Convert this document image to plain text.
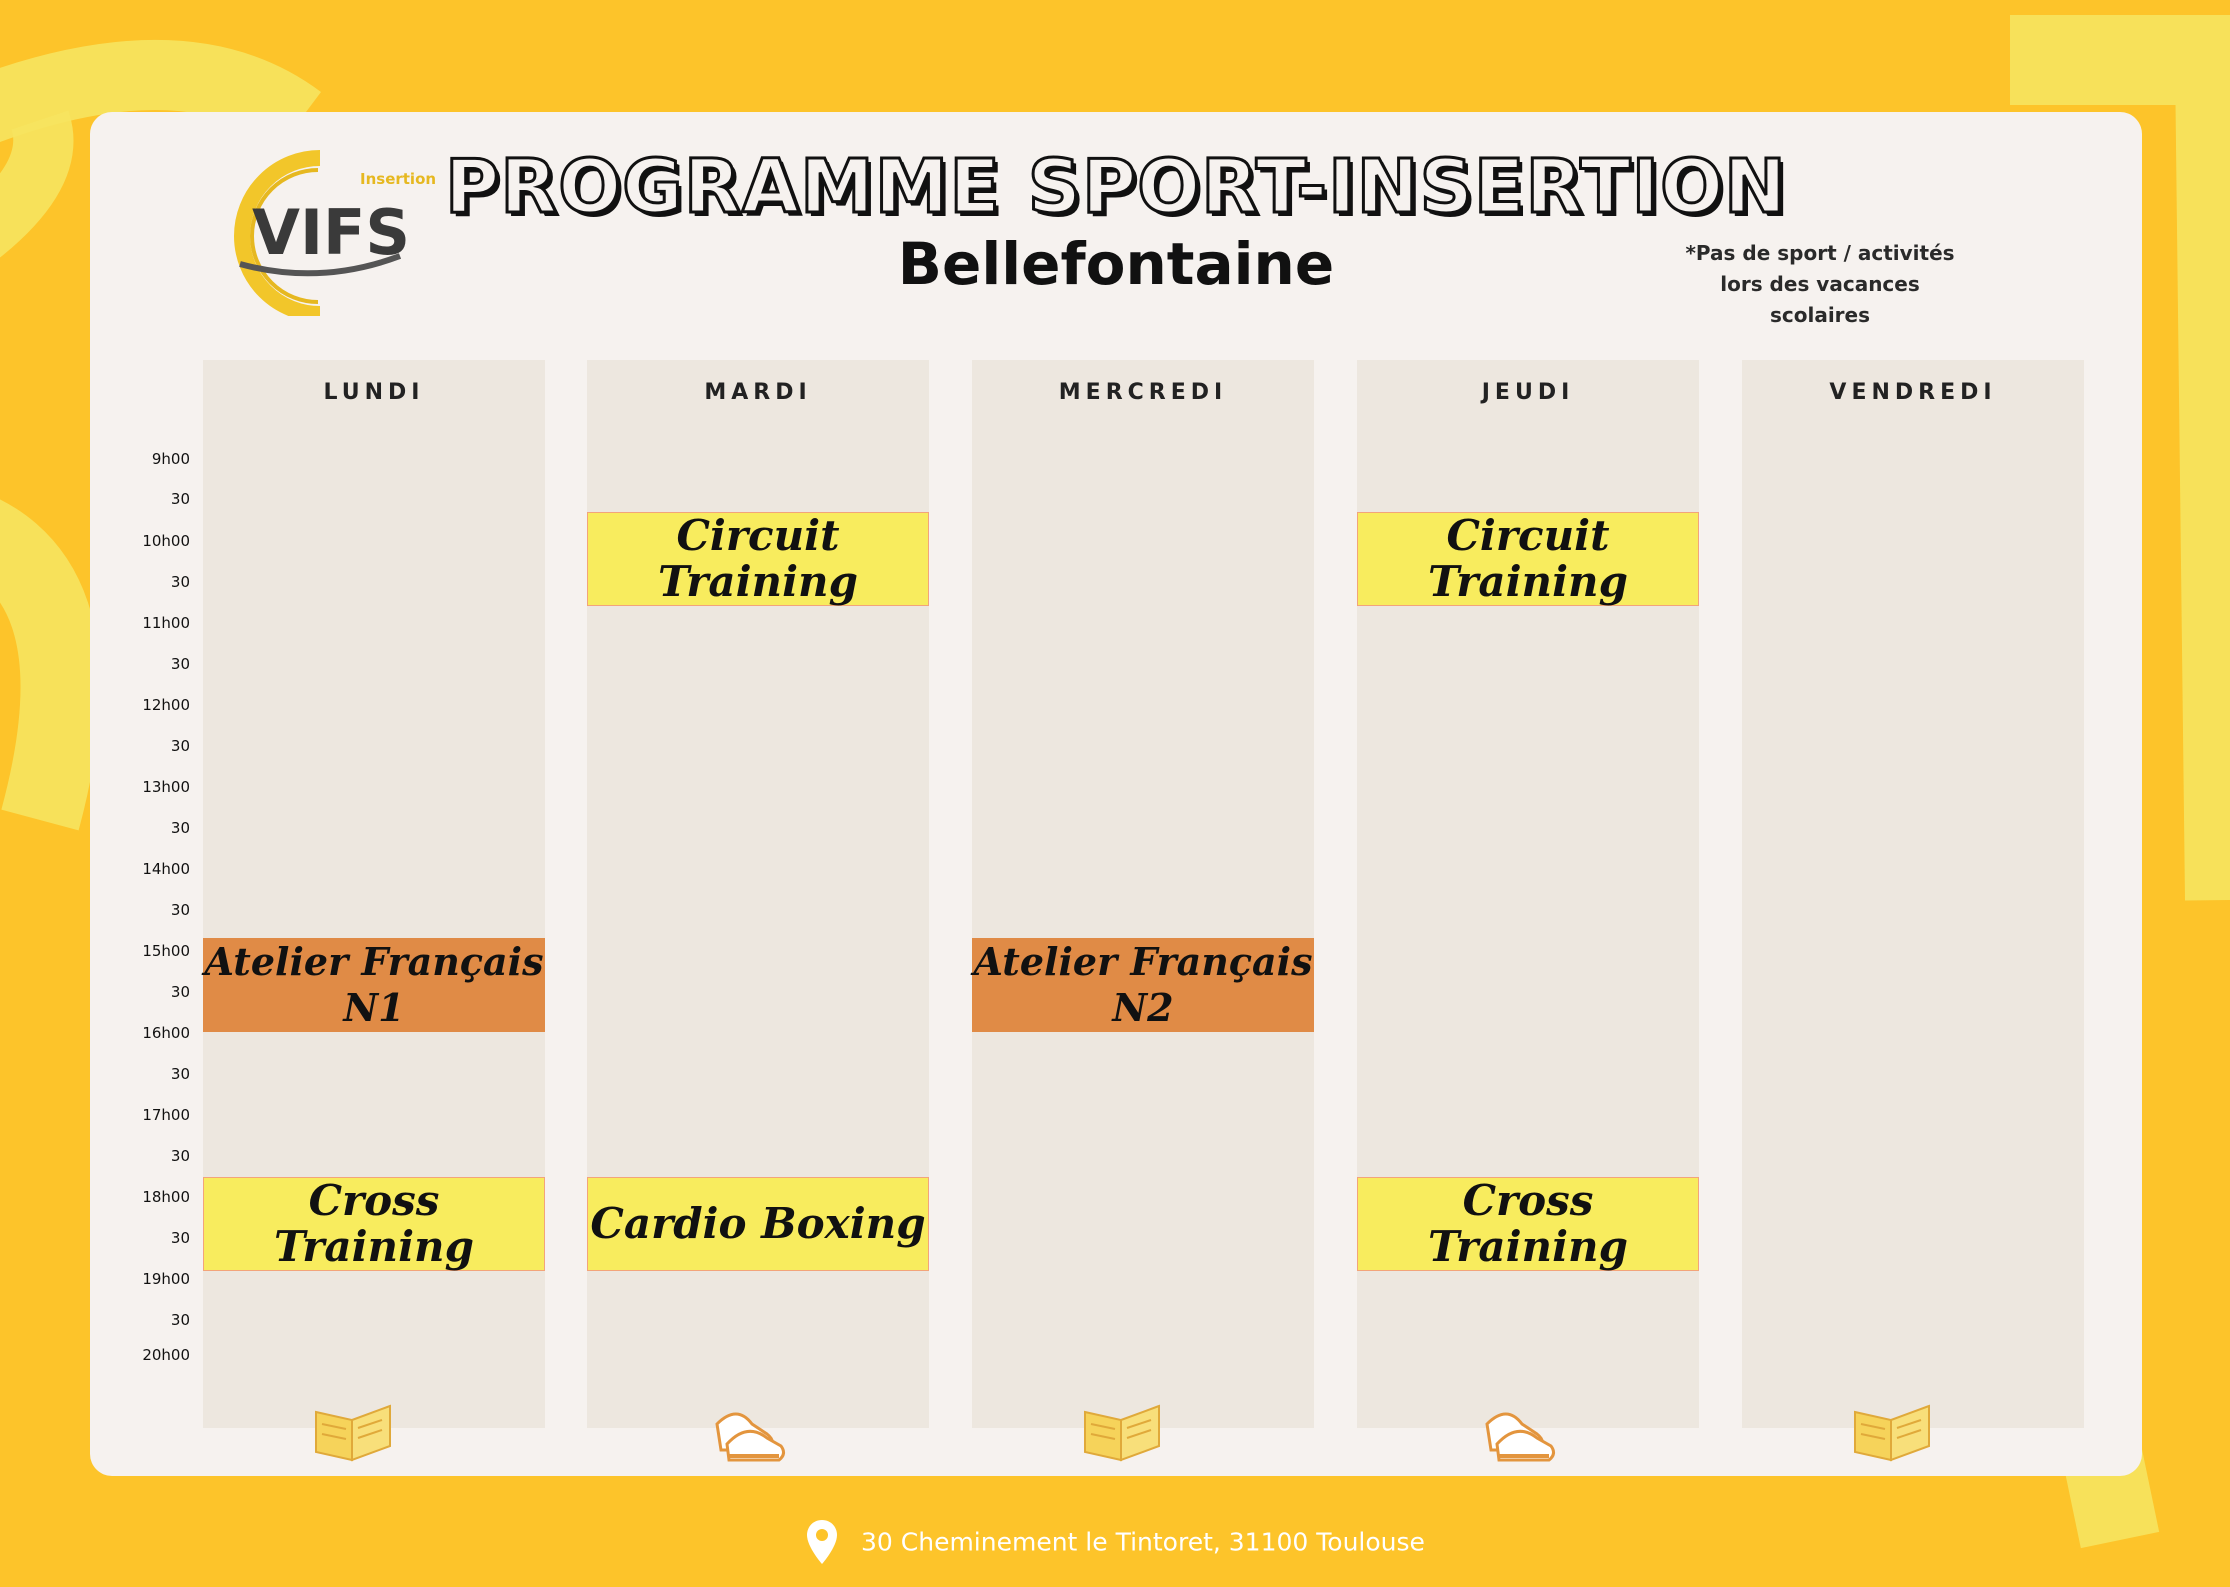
VIFS
Insertion PROGRAMME SPORT-INSERTION
Bellefontaine	*Pas de sport / activités
lors des vacances scolaires
9h00
30
10h00
30
11h00
30
12h00
30
13h00
30
14h00
30
15h00
30
16h00
30
17h00
30
18h00
30
19h00
30
20h00
LUNDI
Atelier Français N1
Cross Training
MARDI
Circuit Training
Cardio Boxing
MERCREDI
Atelier Français N2
JEUDI
Circuit Training
Cross Training
VENDREDI
30 Cheminement le Tintoret, 31100 Toulouse
